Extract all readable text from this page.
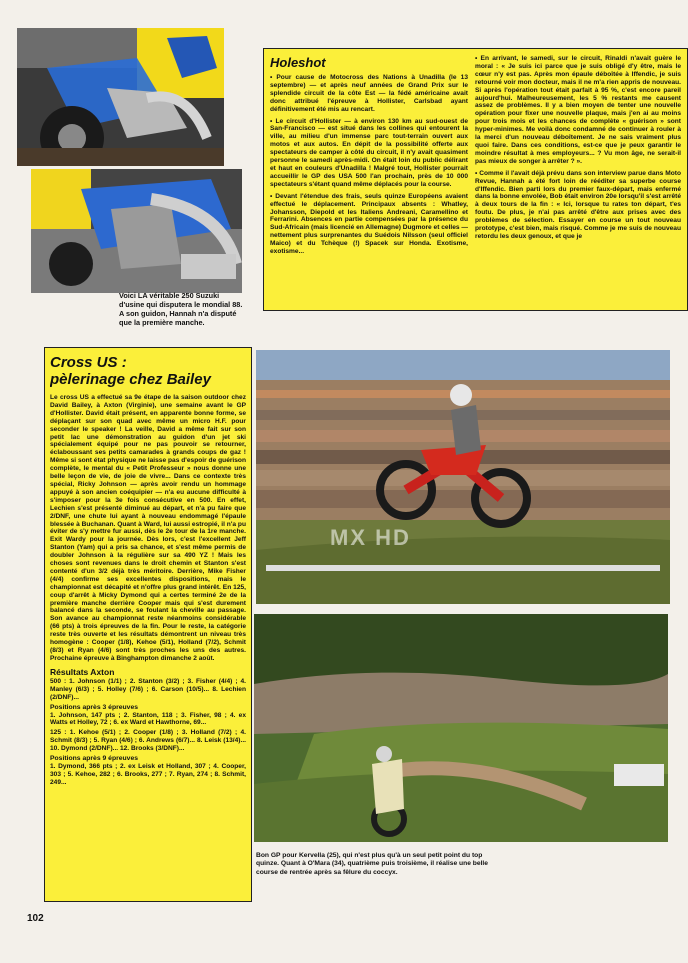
Voici LA véritable 250 Suzuki d'usine qui disputera le mondial 88. A son guidon, Hannah n'a disputé que la première manche.
Holeshot

• Pour cause de Motocross des Nations à Unadilla (le 13 septembre) — et après neuf années de Grand Prix sur le splendide circuit de la côte Est — la fédé américaine avait donc attribué l'épreuve à Hollister, Carlsbad ayant définitivement été mis au rencart.

• Le circuit d'Hollister — à environ 130 km au sud-ouest de San-Francisco — est situé dans les collines qui entourent la ville, au milieu d'un immense parc tout-terrain ouvert aux motos et aux autos. En dépit de la possibilité offerte aux spectateurs de camper à côté du circuit, il n'y avait quasiment personne le samedi après-midi. On était loin du public délirant et haut en couleurs d'Unadilla ! Malgré tout, Hollister pourrait accueillir le GP des USA 500 l'an prochain, près de 10 000 spectateurs s'étant quand même déplacés pour la course.

• Devant l'étendue des frais, seuls quinze Européens avaient effectué le déplacement. Principaux absents : Whatley, Johansson, Diepold et les Italiens Andreani, Caramellino et Ferrarini. Absences en partie compensées par la présence du Sud-Africain (mais licencié en Allemagne) Dugmore et celles — nettement plus surprenantes du Suédois Nilsson (seul officiel Maico) et du Tchèque (!) Spacek sur Honda. Exotisme, exotisme...

• En arrivant, le samedi, sur le circuit, Rinaldi n'avait guère le moral : « Je suis ici parce que je suis obligé d'y être, mais le cœur n'y est pas. Après mon épaule déboîtée à Iffendic, je suis retourné voir mon docteur, mais il ne m'a rien appris de nouveau. Si après l'opération tout était parfait à 95 %, c'est encore pareil aujourd'hui. Malheureusement, les 5 % restants me causent assez de problèmes. Il y a bien moyen de tenter une nouvelle opération pour fixer une nouvelle plaque, mais j'en ai au moins pour trois mois et les chances de complète « guérison » sont hyper-minimes. Me voilà donc condamné de continuer à rouler à la merci d'un nouveau déboîtement. Je ne sais vraiment plus quoi faire. Dans ces conditions, est-ce que je peux garantir le moindre résultat à mes employeurs... ? Vu mon âge, ne serait-il pas mieux de songer à arrêter ? ».

• Comme il l'avait déjà prévu dans son interview parue dans Moto Revue, Hannah a été fort loin de rééditer sa superbe course d'Iffendic. Bien parti lors du premier faux-départ, mais enfermé dans la bonne envolée, Bob était environ 20e lorsqu'il s'est arrêté à deux tours de la fin : « Ici, lorsque tu rates ton départ, t'es foutu. De plus, je n'ai pas arrêté d'être aux prises avec des problèmes de sélection. Essayer en course un tout nouveau prototype, c'est bien, mais risqué. Comme je me suis de nouveau retordu les deux genoux, et que je

Cross US :
pèlerinage chez Bailey

Le cross US a effectué sa 9e étape de la saison outdoor chez David Bailey, à Axton (Virginie), une semaine avant le GP d'Hollister. David était présent, en apparente bonne forme, se déplaçant sur son quad avec même un micro H.F. pour seconder le speaker ! La veille, David a même fait sur son petit lac une démonstration au guidon d'un jet ski spécialement équipé pour ne pas pouvoir se retourner, éclaboussant ses petits camarades à grands coups de gaz ! Même si sont état physique ne laisse pas d'espoir de guérison complète, le mental du « Petit Professeur » nous donne une belle leçon de vie, de joie de vivre... Dans ce contexte très spécial, Ricky Johnson — après avoir rendu un hommage appuyé à son ancien coéquipier — n'a eu aucune difficulté à s'imposer pour la 3e fois consécutive en 500. En effet, Lechien s'est présenté diminué au départ, et n'a pu faire que 2/DNF, une chute lui ayant à nouveau endommagé l'épaule blessée à Buchanan. Quant à Ward, lui aussi estropié, il n'a pu éviter de s'y mettre fur aussi, dès le 2e tour de la 1re manche. Exit Wardy pour la journée. Dès lors, c'est l'excellent Jeff Stanton (Yam) qui a pris sa chance, et s'est même permis de doubler Johnson à la régulière sur sa 490 YZ ! Mais les choses sont revenues dans le droit chemin et Stanton s'est contenté d'un 3/2 déjà très méritoire. Derrière, Mike Fisher (4/4) confirme ses excellentes dispositions, mais le championnat est décapité et n'offre plus grand intérêt. En 125, coup d'arrêt à Micky Dymond qui a certes terminé 2e de la première manche derrière Cooper mais qui s'est durement balancé dans la seconde, se foulant la cheville au passage. Son avance au championnat reste néanmoins considérable (66 pts) à trois épreuves de la fin. Pour le reste, la catégorie reste très ouverte et les résultats démontrent un niveau très homogène : Cooper (1/8), Kehoe (5/1), Holland (7/2), Schmit (8/3) et Ryan (4/6) sont très proches les uns des autres. Prochaine épreuve à Binghampton dimanche 2 août.

Résultats Axton
500 : 1. Johnson (1/1) ; 2. Stanton (3/2) ; 3. Fisher (4/4) ; 4. Manley (6/3) ; 5. Holley (7/6) ; 6. Carson (10/5)... 8. Lechien (2/DNF)...
Positions après 3 épreuves
1. Johnson, 147 pts ; 2. Stanton, 118 ; 3. Fisher, 98 ; 4. ex Watts et Holley, 72 ; 6. ex Ward et Hawthorne, 69...
125 : 1. Kehoe (5/1) ; 2. Cooper (1/8) ; 3. Holland (7/2) ; 4. Schmit (8/3) ; 5. Ryan (4/6) ; 6. Andrews (6/7)... 8. Leisk (13/4)... 10. Dymond (2/DNF)... 12. Brooks (3/DNF)...
Positions après 9 épreuves
1. Dymond, 366 pts ; 2. ex Leisk et Holland, 307 ; 4. Cooper, 303 ; 5. Kehoe, 282 ; 6. Brooks, 277 ; 7. Ryan, 274 ; 8. Schmit, 249...
MX HD
Bon GP pour Kervella (25), qui n'est plus qu'à un seul petit point du top quinze. Quant à O'Mara (34), quatrième puis troisième, il réalise une belle course de rentrée après sa fêlure du coccyx.
102
